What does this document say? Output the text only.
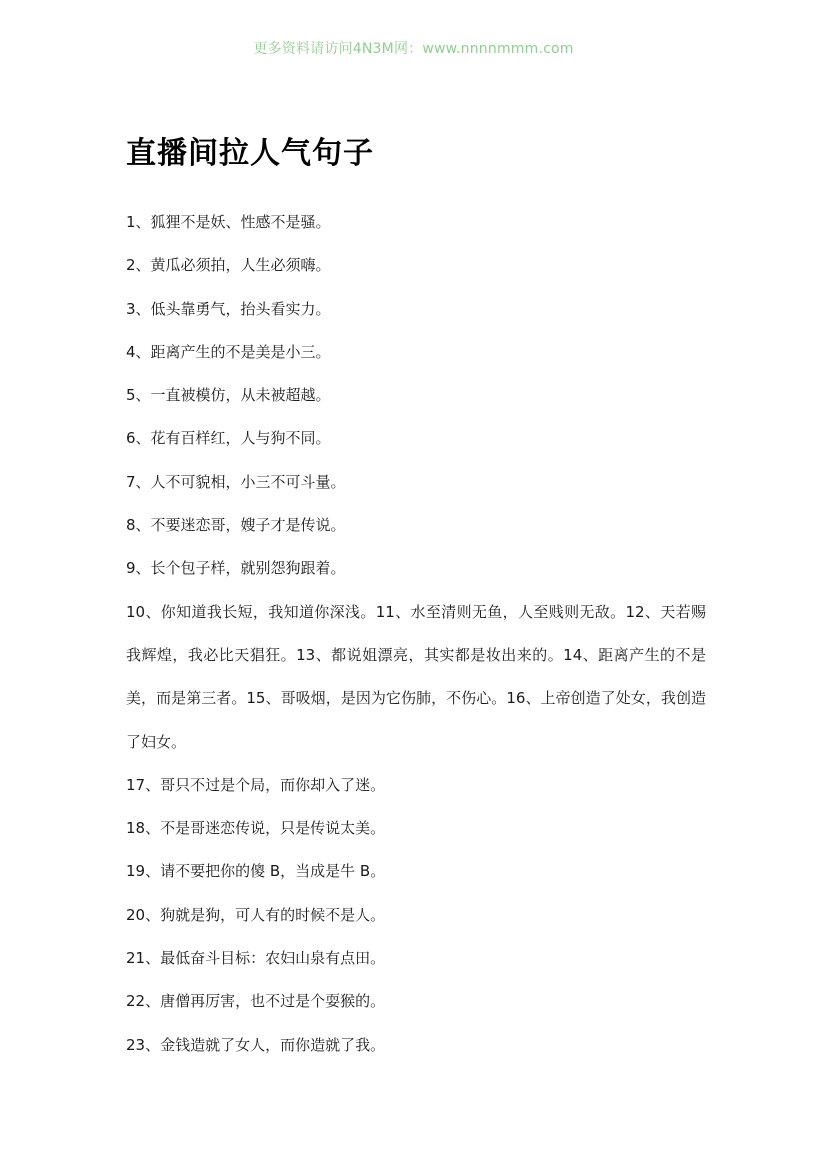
更多资料请访问4N3M网：www.nnnnmmm.com
直播间拉人气句子

1、狐狸不是妖、性感不是骚。

2、黄瓜必须拍，人生必须嗨。

3、低头靠勇气，抬头看实力。

4、距离产生的不是美是小三。

5、一直被模仿，从未被超越。

6、花有百样红，人与狗不同。

7、人不可貌相，小三不可斗量。

8、不要迷恋哥，嫂子才是传说。

9、长个包子样，就别怨狗跟着。

10、你知道我长短，我知道你深浅。11、水至清则无鱼，人至贱则无敌。12、天若赐我辉煌，我必比天猖狂。13、都说姐漂亮，其实都是妆出来的。14、距离产生的不是美，而是第三者。15、哥吸烟，是因为它伤肺，不伤心。16、上帝创造了处女，我创造了妇女。

17、哥只不过是个局，而你却入了迷。

18、不是哥迷恋传说，只是传说太美。

19、请不要把你的傻 B，当成是牛 B。

20、狗就是狗，可人有的时候不是人。

21、最低奋斗目标：农妇山泉有点田。

22、唐僧再厉害，也不过是个耍猴的。

23、金钱造就了女人，而你造就了我。
